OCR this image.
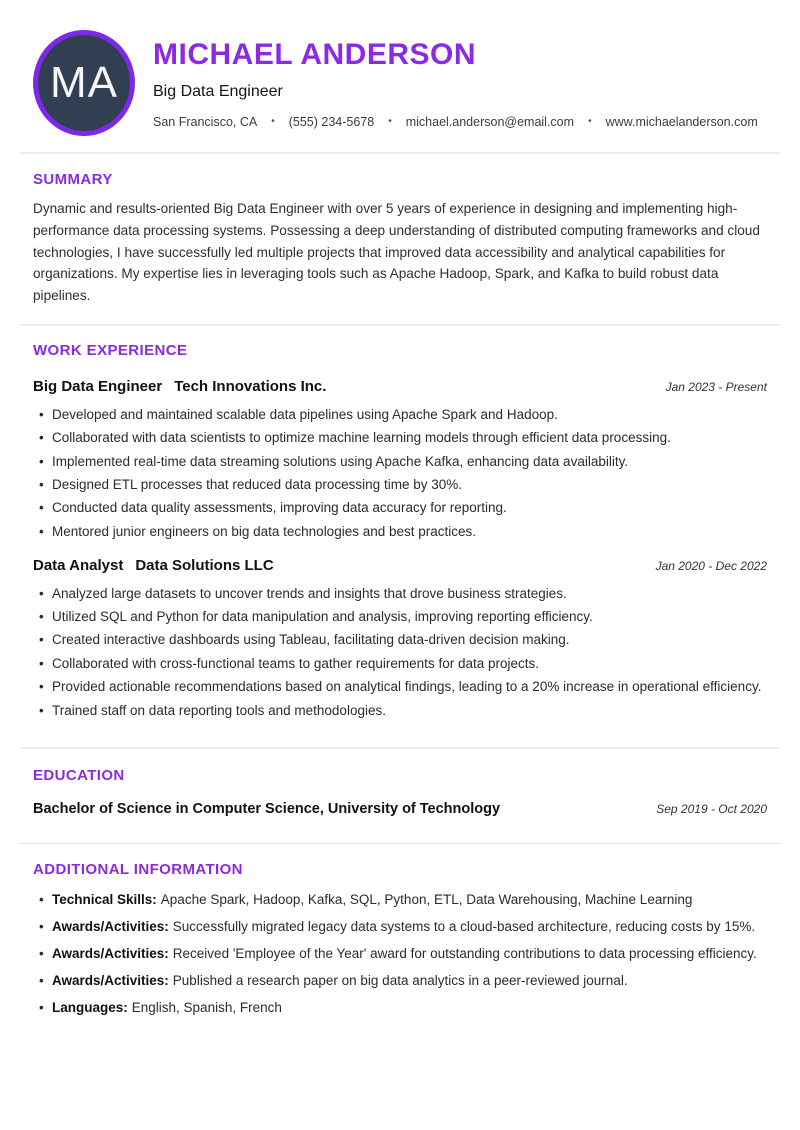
MA
MICHAEL ANDERSON
Big Data Engineer
San Francisco, CA • (555) 234-5678 • michael.anderson@email.com • www.michaelanderson.com
SUMMARY

Dynamic and results-oriented Big Data Engineer with over 5 years of experience in designing and implementing high-performance data processing systems. Possessing a deep understanding of distributed computing frameworks and cloud technologies, I have successfully led multiple projects that improved data accessibility and analytical capabilities for organizations. My expertise lies in leveraging tools such as Apache Hadoop, Spark, and Kafka to build robust data pipelines.

WORK EXPERIENCE
Big Data Engineer Tech Innovations Inc.	Jan 2023 - Present
• Developed and maintained scalable data pipelines using Apache Spark and Hadoop.
• Collaborated with data scientists to optimize machine learning models through efficient data processing.
• Implemented real-time data streaming solutions using Apache Kafka, enhancing data availability.
• Designed ETL processes that reduced data processing time by 30%.
• Conducted data quality assessments, improving data accuracy for reporting.
• Mentored junior engineers on big data technologies and best practices.
Data Analyst Data Solutions LLC	Jan 2020 - Dec 2022
• Analyzed large datasets to uncover trends and insights that drove business strategies.
• Utilized SQL and Python for data manipulation and analysis, improving reporting efficiency.
• Created interactive dashboards using Tableau, facilitating data-driven decision making.
• Collaborated with cross-functional teams to gather requirements for data projects.
• Provided actionable recommendations based on analytical findings, leading to a 20% increase in operational efficiency.
• Trained staff on data reporting tools and methodologies.
EDUCATION
Bachelor of Science in Computer Science, University of Technology	Sep 2019 - Oct 2020
ADDITIONAL INFORMATION
• Technical Skills: Apache Spark, Hadoop, Kafka, SQL, Python, ETL, Data Warehousing, Machine Learning
• Awards/Activities: Successfully migrated legacy data systems to a cloud-based architecture, reducing costs by 15%.
• Awards/Activities: Received 'Employee of the Year' award for outstanding contributions to data processing efficiency.
• Awards/Activities: Published a research paper on big data analytics in a peer-reviewed journal.
• Languages: English, Spanish, French
